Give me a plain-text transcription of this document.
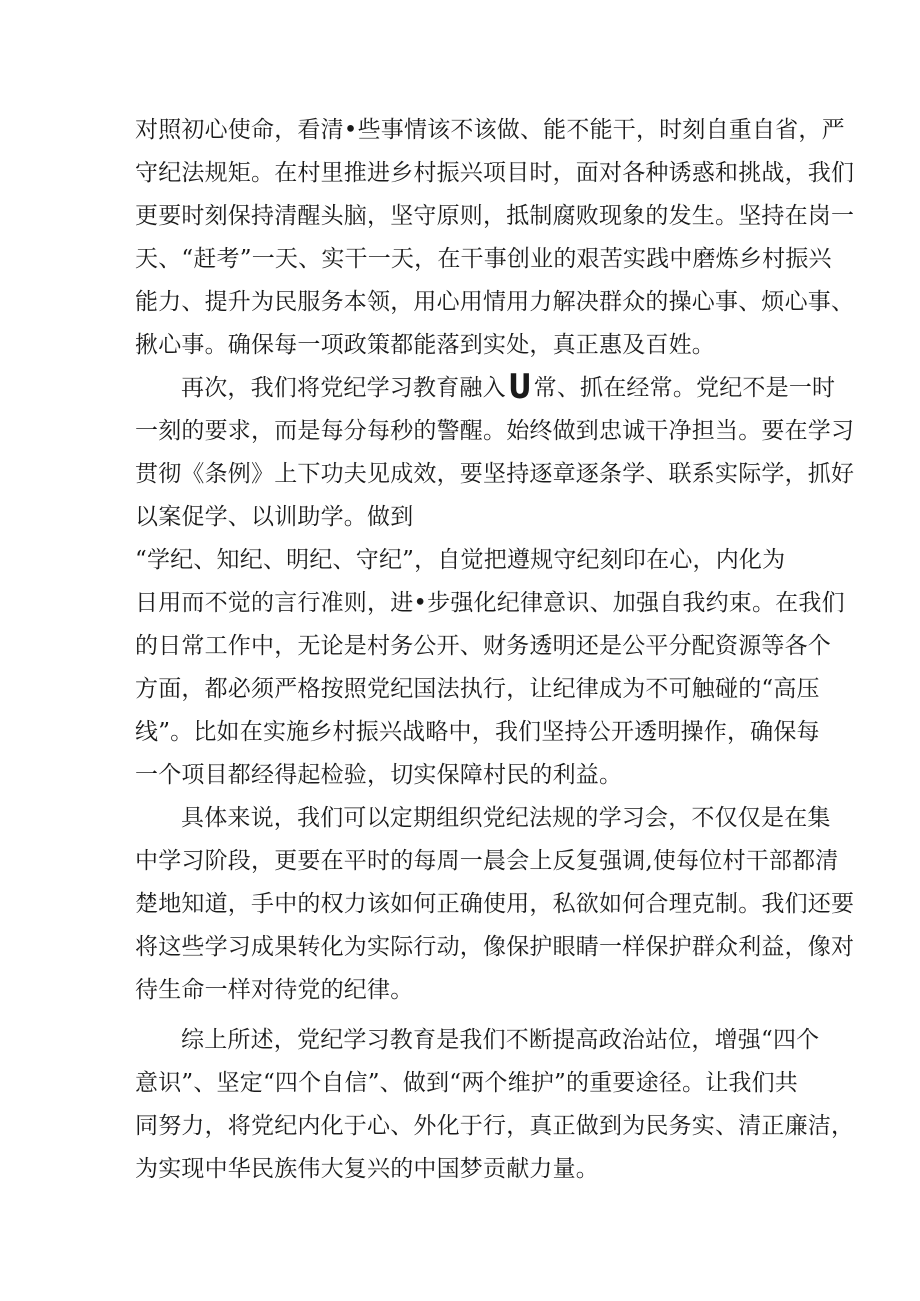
对照初心使命，看清•些事情该不该做、能不能干，时刻自重自省，严
守纪法规矩。在村里推进乡村振兴项目时，面对各种诱惑和挑战，我们
更要时刻保持清醒头脑，坚守原则，抵制腐败现象的发生。坚持在岗一
天、“赶考”一天、实干一天，在干事创业的艰苦实践中磨炼乡村振兴
能力、提升为民服务本领，用心用情用力解决群众的操心事、烦心事、
揪心事。确保每一项政策都能落到实处，真正惠及百姓。
再次，我们将党纪学习教育融入U常、抓在经常。党纪不是一时
一刻的要求，而是每分每秒的警醒。始终做到忠诚干净担当。要在学习
贯彻《条例》上下功夫见成效，要坚持逐章逐条学、联系实际学，抓好
以案促学、以训助学。做到
“学纪、知纪、明纪、守纪”，自觉把遵规守纪刻印在心，内化为
日用而不觉的言行准则，进•步强化纪律意识、加强自我约束。在我们
的日常工作中，无论是村务公开、财务透明还是公平分配资源等各个
方面，都必须严格按照党纪国法执行，让纪律成为不可触碰的“高压
线”。比如在实施乡村振兴战略中，我们坚持公开透明操作，确保每
一个项目都经得起检验，切实保障村民的利益。
具体来说，我们可以定期组织党纪法规的学习会，不仅仅是在集
中学习阶段，更要在平时的每周一晨会上反复强调,使每位村干部都清
楚地知道，手中的权力该如何正确使用，私欲如何合理克制。我们还要
将这些学习成果转化为实际行动，像保护眼睛一样保护群众利益，像对
待生命一样对待党的纪律。
综上所述，党纪学习教育是我们不断提高政治站位，增强“四个
意识”、坚定“四个自信”、做到“两个维护”的重要途径。让我们共
同努力，将党纪内化于心、外化于行，真正做到为民务实、清正廉洁，
为实现中华民族伟大复兴的中国梦贡献力量。
